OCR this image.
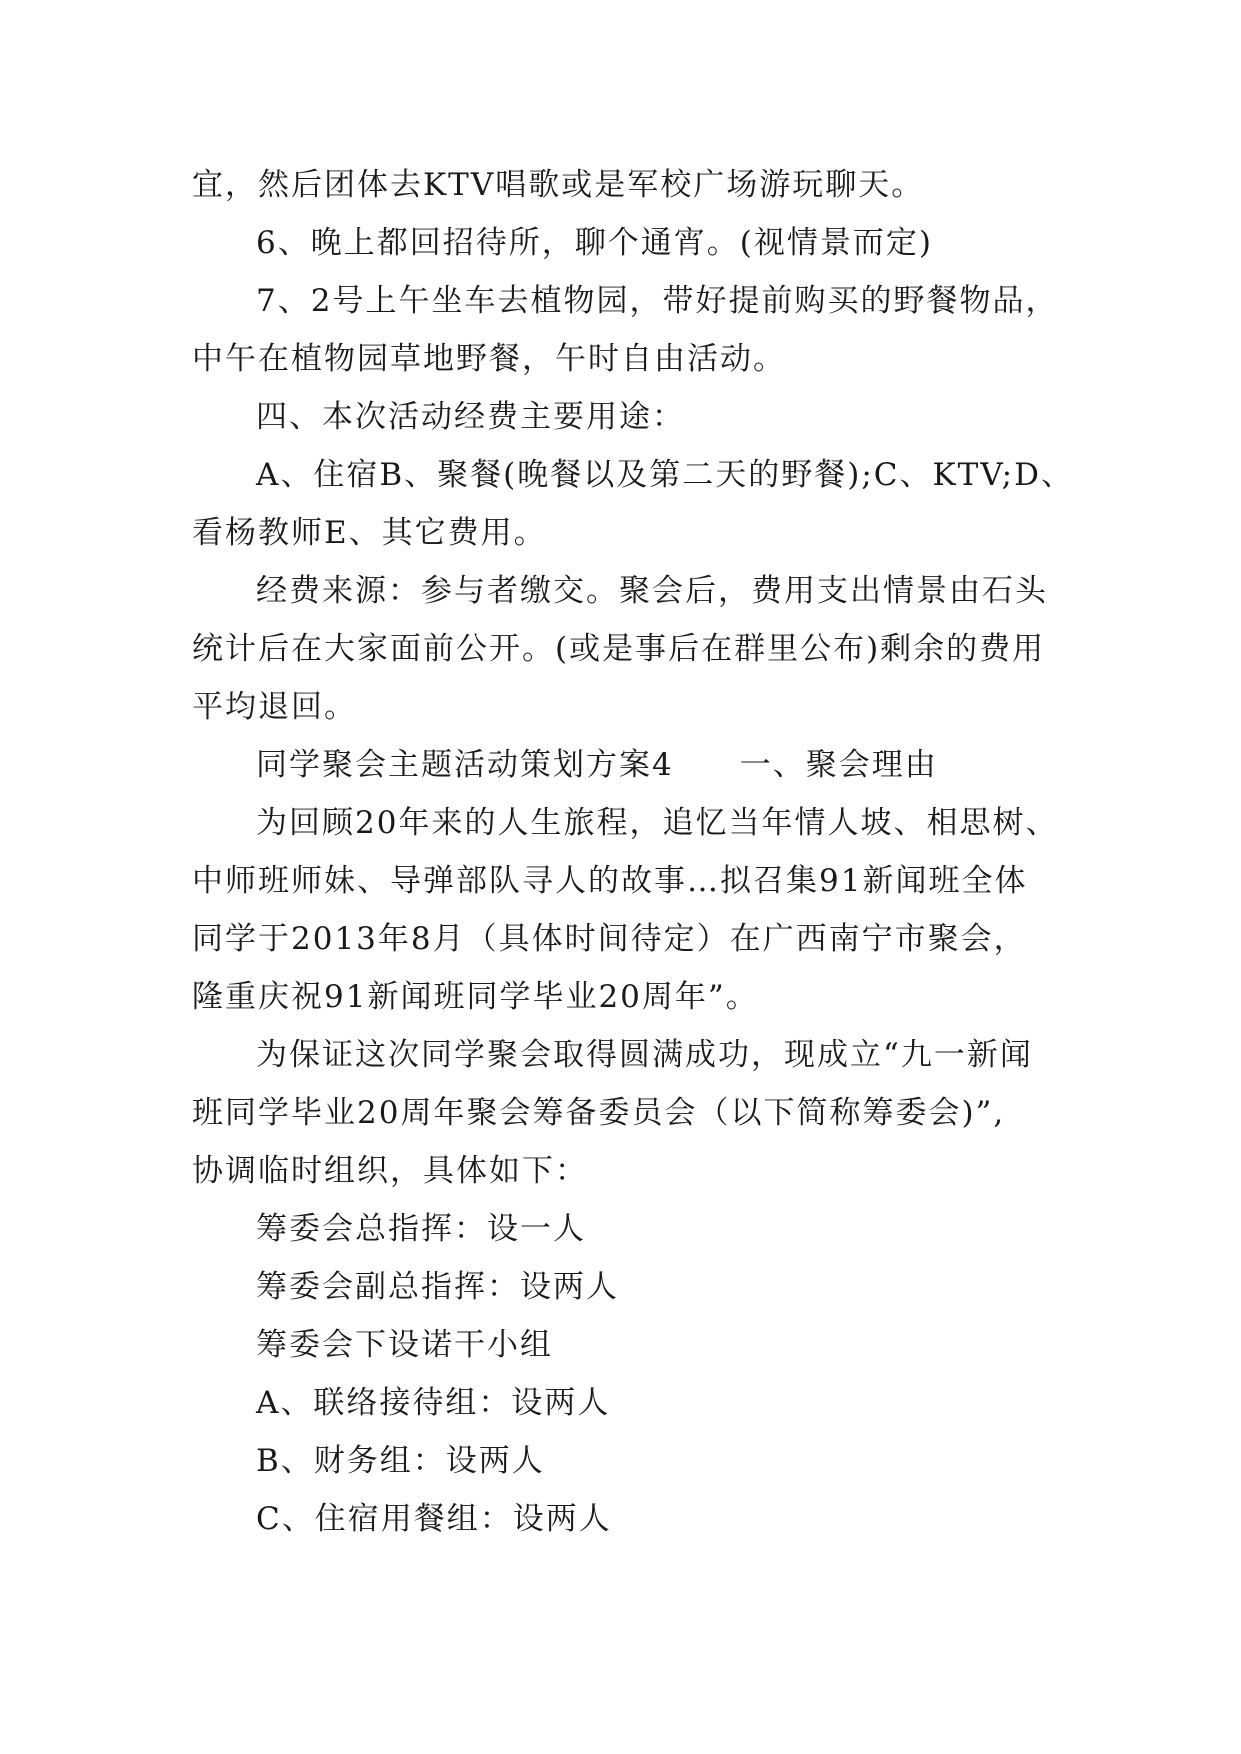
宜，然后团体去KTV唱歌或是军校广场游玩聊天。
6、晚上都回招待所，聊个通宵。(视情景而定)
7、2号上午坐车去植物园，带好提前购买的野餐物品，
中午在植物园草地野餐，午时自由活动。
四、本次活动经费主要用途：
A、住宿B、聚餐(晚餐以及第二天的野餐);C、KTV;D、
看杨教师E、其它费用。
经费来源：参与者缴交。聚会后，费用支出情景由石头
统计后在大家面前公开。(或是事后在群里公布)剩余的费用
平均退回。
同学聚会主题活动策划方案4　　一、聚会理由
为回顾20年来的人生旅程，追忆当年情人坡、相思树、
中师班师妹、导弹部队寻人的故事…拟召集91新闻班全体
同学于2013年8月（具体时间待定）在广西南宁市聚会，
隆重庆祝91新闻班同学毕业20周年”。
为保证这次同学聚会取得圆满成功，现成立“九一新闻
班同学毕业20周年聚会筹备委员会（以下简称筹委会)”,
协调临时组织，具体如下：
筹委会总指挥：设一人
筹委会副总指挥：设两人
筹委会下设诺干小组
A、联络接待组：设两人
B、财务组：设两人
C、住宿用餐组：设两人
